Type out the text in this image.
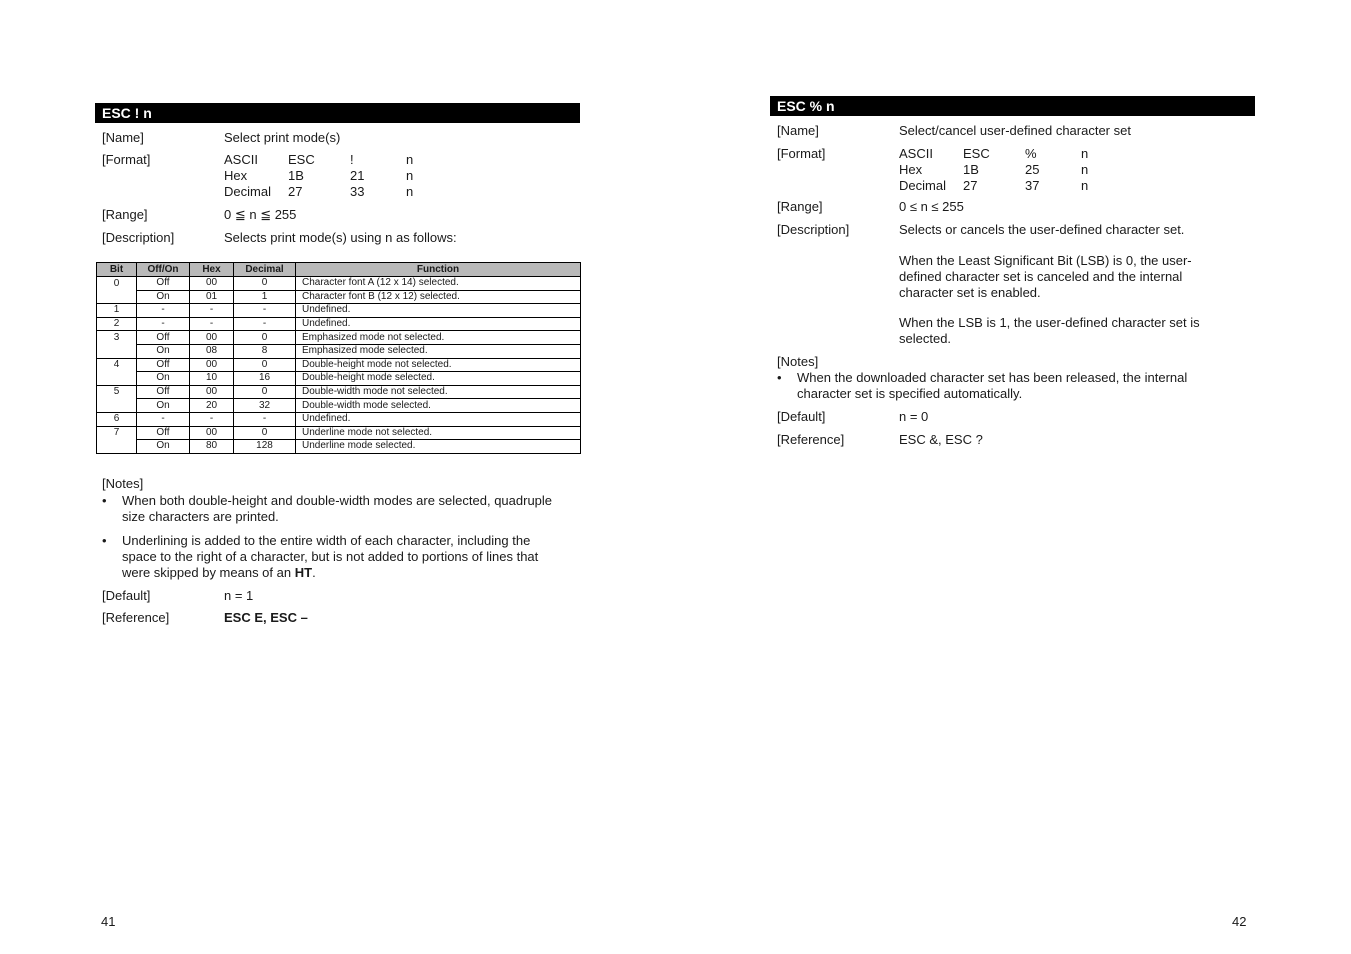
ESC ! n
[Name]	Select print mode(s)
[Format]	ASCII ESC	!	n
Hex	1B	21	n
Decimal 27	33	n
[Range]	0 ≦ n ≦ 255
[Description]	Selects print mode(s) using n as follows:
Bit	Off/On	Hex	Decimal	Function
0	Off	00	0	Character font A (12 x 14) selected.
	On	01	1	Character font B (12 x 12) selected.
1	-	-	-	Undefined.
2	-	-	-	Undefined.
3	Off	00	0	Emphasized mode not selected.
	On	08	8	Emphasized mode selected.
4	Off	00	0	Double-height mode not selected.
	On	10	16	Double-height mode selected.
5	Off	00	0	Double-width mode not selected.
	On	20	32	Double-width mode selected.
6	-	-	-	Undefined.
7	Off	00	0	Underline mode not selected.
	On	80	128	Underline mode selected.
[Notes]
• When both double-height and double-width modes are selected, quadruple size characters are printed.
• Underlining is added to the entire width of each character, including the space to the right of a character, but is not added to portions of lines that were skipped by means of an HT.
[Default]	n = 1
[Reference]	ESC E, ESC –
41
ESC % n
[Name]	Select/cancel user-defined character set
[Format]	ASCII ESC	%	n
Hex	1B	25	n
Decimal 27	37	n
[Range]	0 ≤ n ≤ 255
[Description]	Selects or cancels the user-defined character set.
When the Least Significant Bit (LSB) is 0, the user-defined character set is canceled and the internal character set is enabled.
When the LSB is 1, the user-defined character set is selected.
[Notes]
• When the downloaded character set has been released, the internal character set is specified automatically.
[Default]	n = 0
[Reference]	ESC &, ESC ?
42
